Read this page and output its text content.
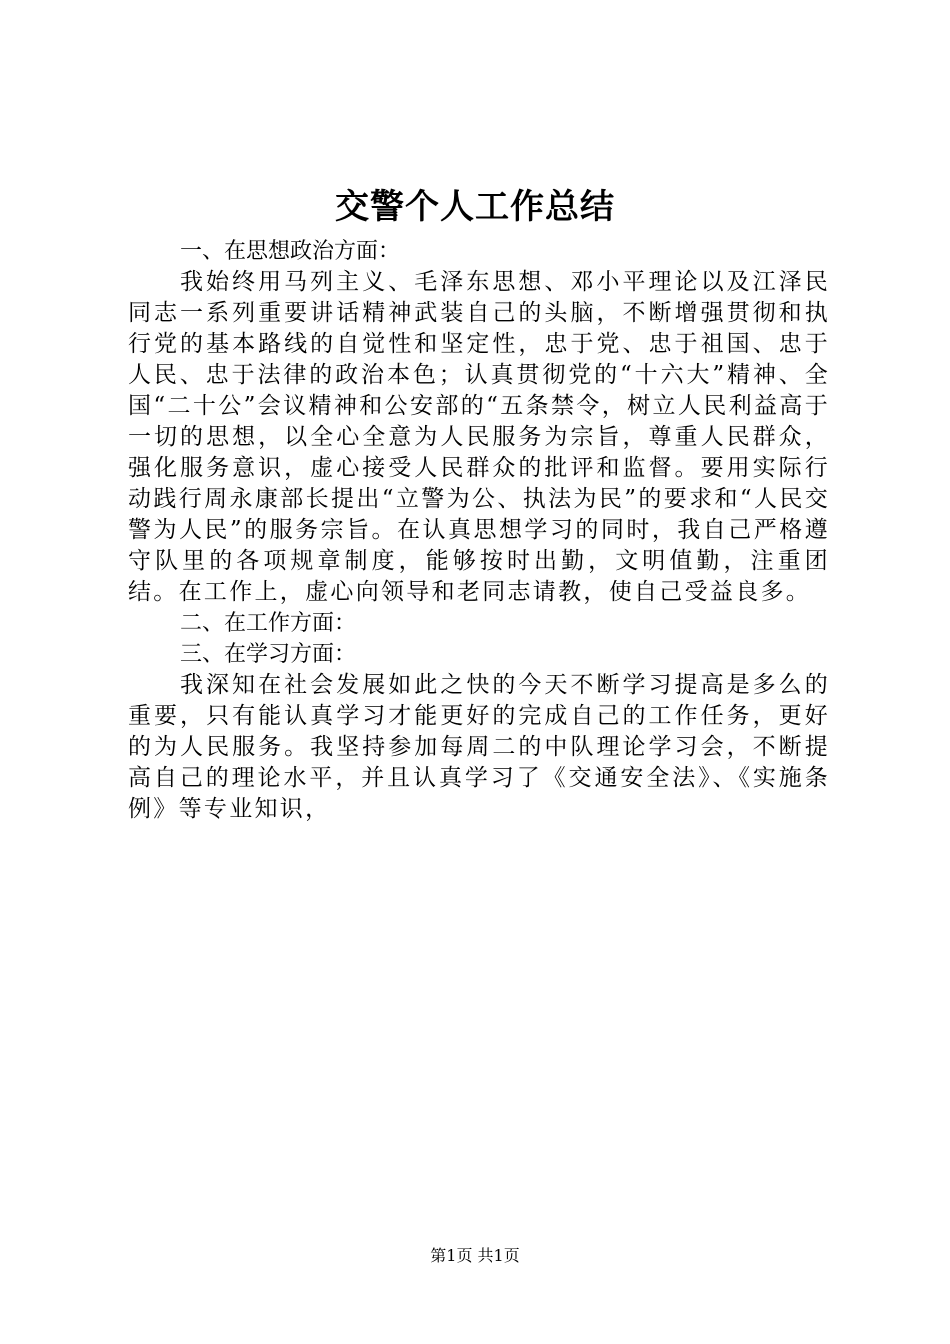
交警个人工作总结

一、在思想政治方面：

我始终用马列主义、毛泽东思想、邓小平理论以及江泽民同志一系列重要讲话精神武装自己的头脑，不断增强贯彻和执行党的基本路线的自觉性和坚定性，忠于党、忠于祖国、忠于人民、忠于法律的政治本色；认真贯彻党的“十六大”精神、全国“二十公”会议精神和公安部的“五条禁令，树立人民利益高于一切的思想，以全心全意为人民服务为宗旨，尊重人民群众，强化服务意识，虚心接受人民群众的批评和监督。要用实际行动践行周永康部长提出“立警为公、执法为民”的要求和“人民交警为人民”的服务宗旨。在认真思想学习的同时，我自己严格遵守队里的各项规章制度，能够按时出勤，文明值勤，注重团结。在工作上，虚心向领导和老同志请教，使自己受益良多。

二、在工作方面：

三、在学习方面：

我深知在社会发展如此之快的今天不断学习提高是多么的重要，只有能认真学习才能更好的完成自己的工作任务，更好的为人民服务。我坚持参加每周二的中队理论学习会，不断提高自己的理论水平，并且认真学习了《交通安全法》、《实施条例》等专业知识，

第1页 共1页
